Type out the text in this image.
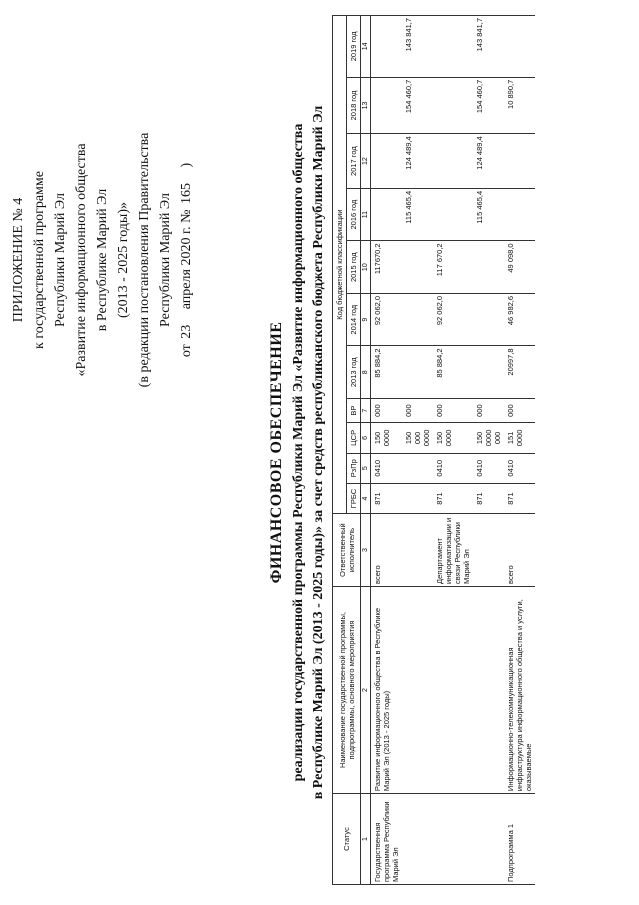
ПРИЛОЖЕНИЕ № 4 к государственной программе Республики Марий Эл «Развитие информационного общества в Республике Марий Эл (2013 - 2025 годы)» (в редакции постановления Правительства Республики Марий Эл
от 23 апреля 2020 г. № 165 )
ФИНАНСОВОЕ ОБЕСПЕЧЕНИЕ реализации государственной программы Республики Марий Эл «Развитие информационного общества в Республике Марий Эл (2013 - 2025 годы)» за счет средств республиканского бюджета Республики Марий Эл
Статус	Наименование государственной программы, подпрограммы, основного мероприятия	Ответственный исполнитель	Код бюджетной классификации										
			ГРБС	РзПр	ЦСР	ВР	2013 год	2014 год	2015 год	2016 год	2017 год	2018 год	2019 год
1	2	3	4	5	6	7	8	9	10	11	12	13	14
Государственная программа Республики Марий Эл	Развитие информационного общества в Республике Марий Эл (2013 - 2025 годы)	всего	871	0410	150 0000	000	85 884,2	92 062,0	117670,2				
					150 000 0000	000				115 465,4	124 489,4	154 460,7	143 841,7
		Департамент информатизации и связи Республики Марий Эл	871	0410	150 0000	000	85 884,2	92 062,0	117 670,2				
			871	0410	150 0000 000	000				115 465,4	124 489,4	154 460,7	143 841,7
Подпрограмма 1	Информационно-телекоммуникационная инфраструктура информационного общества и услуги, оказываемые	всего	871	0410	151 0000	000	20997,8	46 982,6	49 098,0			10 890,7	
